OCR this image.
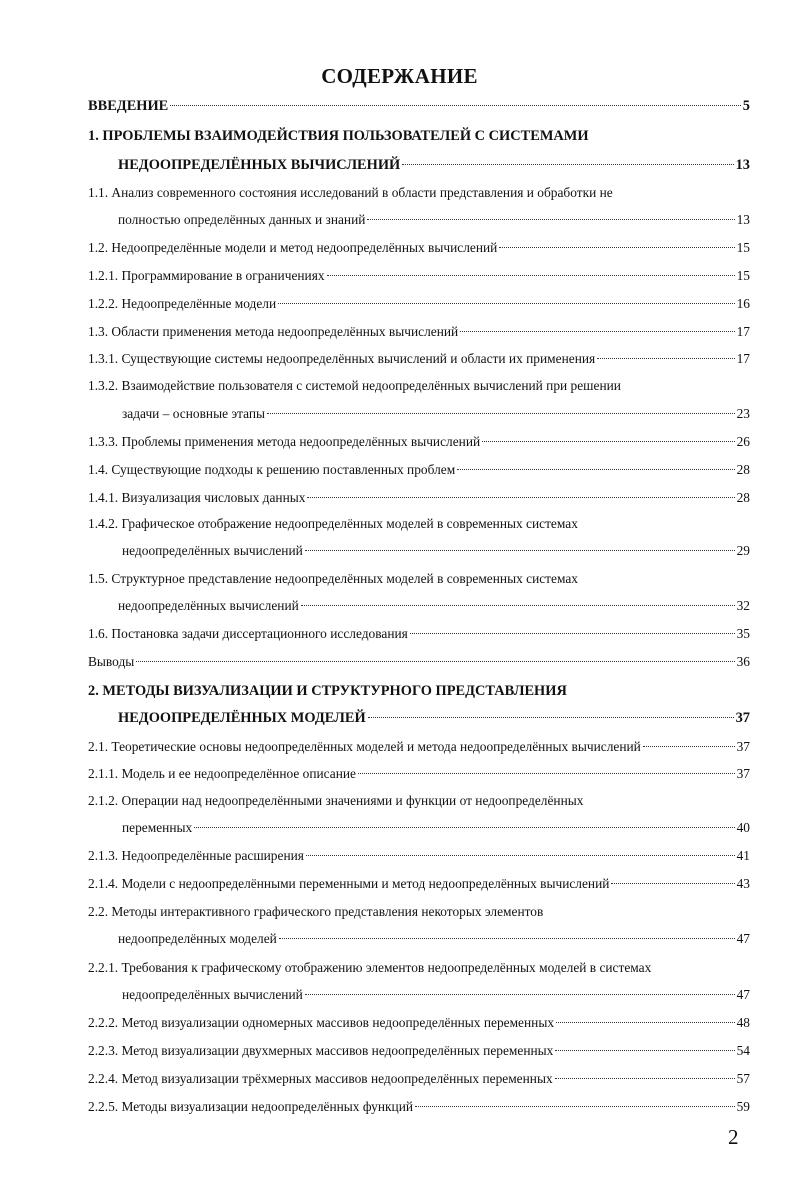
СОДЕРЖАНИЕ
ВВЕДЕНИЕ	5
1. ПРОБЛЕМЫ ВЗАИМОДЕЙСТВИЯ ПОЛЬЗОВАТЕЛЕЙ С СИСТЕМАМИ
НЕДООПРЕДЕЛЁННЫХ ВЫЧИСЛЕНИЙ	13
1.1. Анализ современного состояния исследований в области представления и обработки не
полностью определённых данных и знаний	13
1.2. Недоопределённые модели и метод недоопределённых вычислений	15
1.2.1. Программирование в ограничениях	15
1.2.2. Недоопределённые модели	16
1.3. Области применения метода недоопределённых вычислений	17
1.3.1. Существующие системы недоопределённых вычислений и области их применения	17
1.3.2. Взаимодействие пользователя с системой недоопределённых вычислений при решении
задачи – основные этапы	23
1.3.3. Проблемы применения метода недоопределённых вычислений	26
1.4. Существующие подходы к решению поставленных проблем	28
1.4.1. Визуализация числовых данных	28
1.4.2. Графическое отображение недоопределённых моделей в современных системах
недоопределённых вычислений	29
1.5. Структурное представление недоопределённых моделей в современных системах
недоопределённых вычислений	32
1.6. Постановка задачи диссертационного исследования	35
Выводы	36
2. МЕТОДЫ ВИЗУАЛИЗАЦИИ И СТРУКТУРНОГО ПРЕДСТАВЛЕНИЯ
НЕДООПРЕДЕЛЁННЫХ МОДЕЛЕЙ	37
2.1. Теоретические основы недоопределённых моделей и метода недоопределённых вычислений	37
2.1.1. Модель и ее недоопределённое описание	37
2.1.2. Операции над недоопределёнными значениями и функции от недоопределённых
переменных	40
2.1.3. Недоопределённые расширения	41
2.1.4. Модели с недоопределёнными переменными и метод недоопределённых вычислений	43
2.2. Методы интерактивного графического представления некоторых элементов
недоопределённых моделей	47
2.2.1. Требования к графическому отображению элементов недоопределённых моделей в системах
недоопределённых вычислений	47
2.2.2. Метод визуализации одномерных массивов недоопределённых переменных	48
2.2.3. Метод визуализации двухмерных массивов недоопределённых переменных	54
2.2.4. Метод визуализации трёхмерных массивов недоопределённых переменных	57
2.2.5. Методы визуализации недоопределённых функций	59
2
